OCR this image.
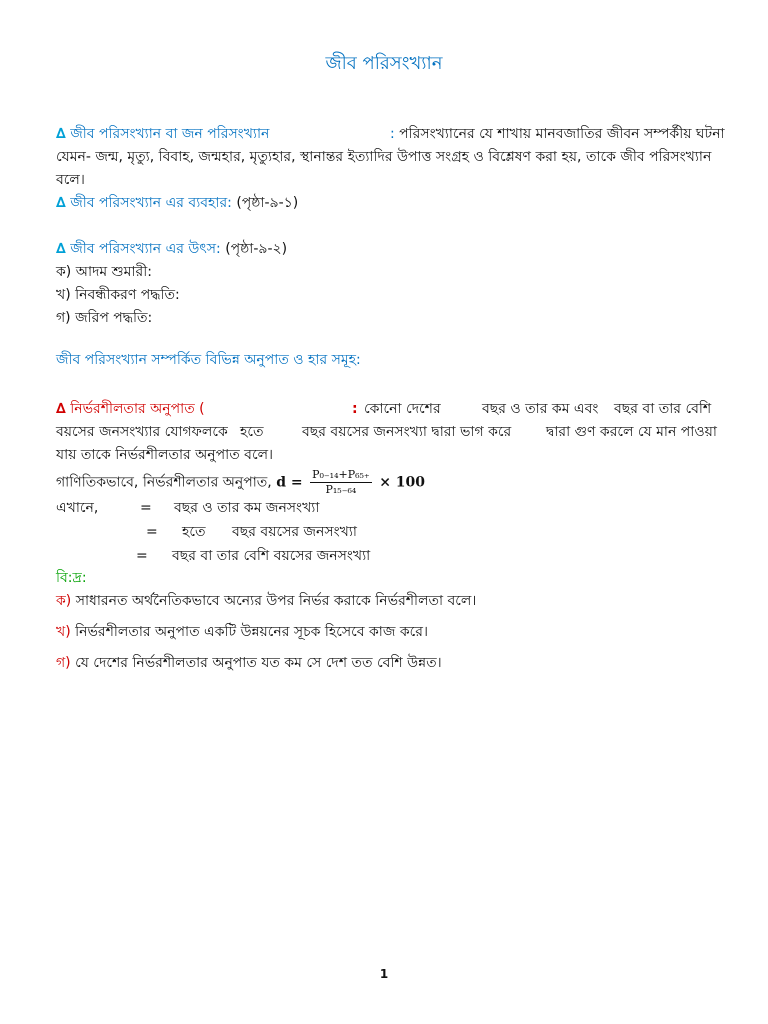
জীব পরিসংখ্যান
∆ জীব পরিসংখ্যান বা জন পরিসংখ্যান	: পরিসংখ্যানের যে শাখায় মানবজাতির জীবন সম্পর্কীয় ঘটনা
যেমন- জন্ম, মৃত্যু, বিবাহ, জন্মহার, মৃত্যুহার, স্থানান্তর ইত্যাদির উপাত্ত সংগ্রহ ও বিশ্লেষণ করা হয়, তাকে জীব পরিসংখ্যান
বলে।
∆ জীব পরিসংখ্যান এর ব্যবহার: (পৃষ্ঠা-৯-১)
∆ জীব পরিসংখ্যান এর উৎস: (পৃষ্ঠা-৯-২)
ক) আদম শুমারী:
খ) নিবন্ধীকরণ পদ্ধতি:
গ) জরিপ পদ্ধতি:
জীব পরিসংখ্যান সম্পর্কিত বিভিন্ন অনুপাত ও হার সমূহ:
∆ নির্ভরশীলতার অনুপাত (	: কোনো দেশের	বছর ও তার কম এবং বছর বা তার বেশি
বয়সের জনসংখ্যার যোগফলকে হতে	বছর বয়সের জনসংখ্যা দ্বারা ভাগ করে দ্বারা গুণ করলে যে মান পাওয়া
যায় তাকে নির্ভরশীলতার অনুপাত বলে।
গাণিতিকভাবে, নির্ভরশীলতার অনুপাত, $d = \frac{\text{P₀₋₁₄+P₆₅₊}}{\text{P₁₅₋₆₄}} \times 100$
এখানে,	= বছর ও তার কম জনসংখ্যা
= হতে বছর বয়সের জনসংখ্যা
= বছর বা তার বেশি বয়সের জনসংখ্যা
বি:দ্র:
ক) সাধারনত অর্থনৈতিকভাবে অন্যের উপর নির্ভর করাকে নির্ভরশীলতা বলে।
খ) নির্ভরশীলতার অনুপাত একটি উন্নয়নের সূচক হিসেবে কাজ করে।
গ) যে দেশের নির্ভরশীলতার অনুপাত যত কম সে দেশ তত বেশি উন্নত।
1
